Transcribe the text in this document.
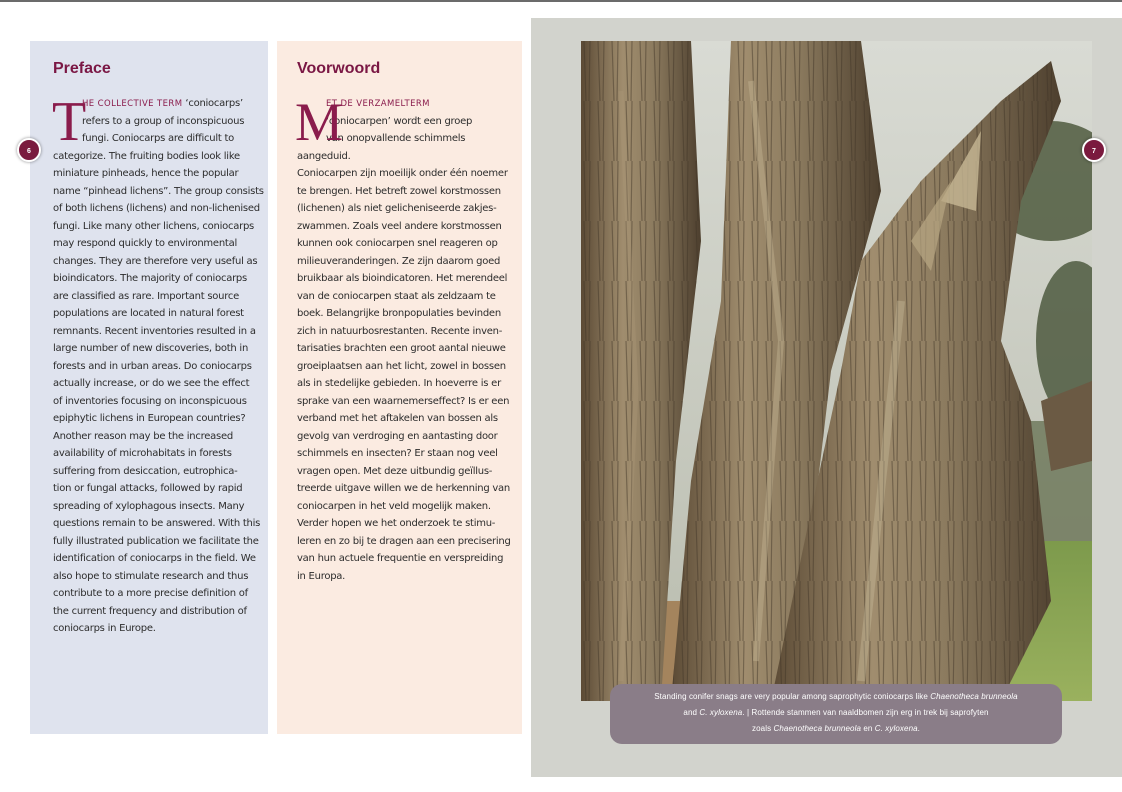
Preface
T
HE COLLECTIVE TERM ‘coniocarps’
refers to a group of inconspicuous
fungi. Coniocarps are difficult to
categorize. The fruiting bodies look like
miniature pinheads, hence the popular
name “pinhead lichens”. The group consists
of both lichens (lichens) and non-lichenised
fungi. Like many other lichens, coniocarps
may respond quickly to environmental
changes. They are therefore very useful as
bioindicators. The majority of coniocarps
are classified as rare. Important source
populations are located in natural forest
remnants. Recent inventories resulted in a
large number of new discoveries, both in
forests and in urban areas. Do coniocarps
actually increase, or do we see the effect
of inventories focusing on inconspicuous
epiphytic lichens in European countries?
Another reason may be the increased
availability of microhabitats in forests
suffering from desiccation, eutrophica-
tion or fungal attacks, followed by rapid
spreading of xylophagous insects. Many
questions remain to be answered. With this
fully illustrated publication we facilitate the
identification of coniocarps in the field. We
also hope to stimulate research and thus
contribute to a more precise definition of
the current frequency and distribution of
coniocarps in Europe.
Voorwoord
M
ET DE VERZAMELTERM
‘coniocarpen’ wordt een groep
van onopvallende schimmels
aangeduid.
Coniocarpen zijn moeilijk onder één noemer
te brengen. Het betreft zowel korstmossen
(lichenen) als niet gelicheniseerde zakjes-
zwammen. Zoals veel andere korstmossen
kunnen ook coniocarpen snel reageren op
milieuveranderingen. Ze zijn daarom goed
bruikbaar als bioindicatoren. Het merendeel
van de coniocarpen staat als zeldzaam te
boek. Belangrijke bronpopulaties bevinden
zich in natuurbosrestanten. Recente inven-
tarisaties brachten een groot aantal nieuwe
groeiplaatsen aan het licht, zowel in bossen
als in stedelijke gebieden. In hoeverre is er
sprake van een waarnemerseffect? Is er een
verband met het aftakelen van bossen als
gevolg van verdroging en aantasting door
schimmels en insecten? Er staan nog veel
vragen open. Met deze uitbundig geïllus-
treerde uitgave willen we de herkenning van
coniocarpen in het veld mogelijk maken.
Verder hopen we het onderzoek te stimu-
leren en zo bij te dragen aan een precisering
van hun actuele frequentie en verspreiding
in Europa.
Standing conifer snags are very popular among saprophytic coniocarps like Chaenotheca brunneola
and C. xyloxena. | Rottende stammen van naaldbomen zijn erg in trek bij saprofyten
zoals Chaenotheca brunneola en C. xyloxena.
6	7
